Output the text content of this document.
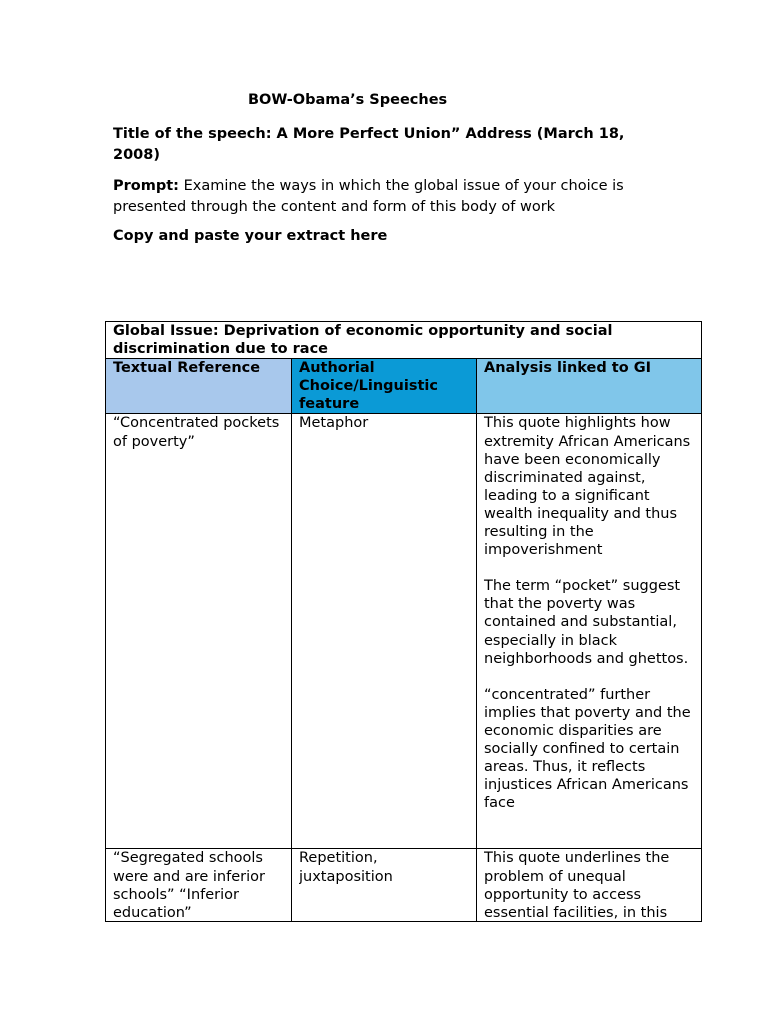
BOW-Obama’s Speeches

Title of the speech: A More Perfect Union” Address (March 18, 2008)

Prompt: Examine the ways in which the global issue of your choice is presented through the content and form of this body of work

Copy and paste your extract here

Global Issue: Deprivation of economic opportunity and social discrimination due to race		
Textual Reference	Authorial Choice/Linguistic feature	Analysis linked to GI
“Concentrated pockets of poverty”	Metaphor	This quote highlights how extremity African Americans have been economically discriminated against, leading to a significant wealth inequality and thus resulting in the impoverishment
The term “pocket” suggest that the poverty was contained and substantial, especially in black neighborhoods and ghettos.
“concentrated” further implies that poverty and the economic disparities are socially confined to certain areas. Thus, it reflects injustices African Americans face

“Segregated schools were and are inferior schools” “Inferior education”	Repetition, juxtaposition	This quote underlines the problem of unequal opportunity to access essential facilities, in this
